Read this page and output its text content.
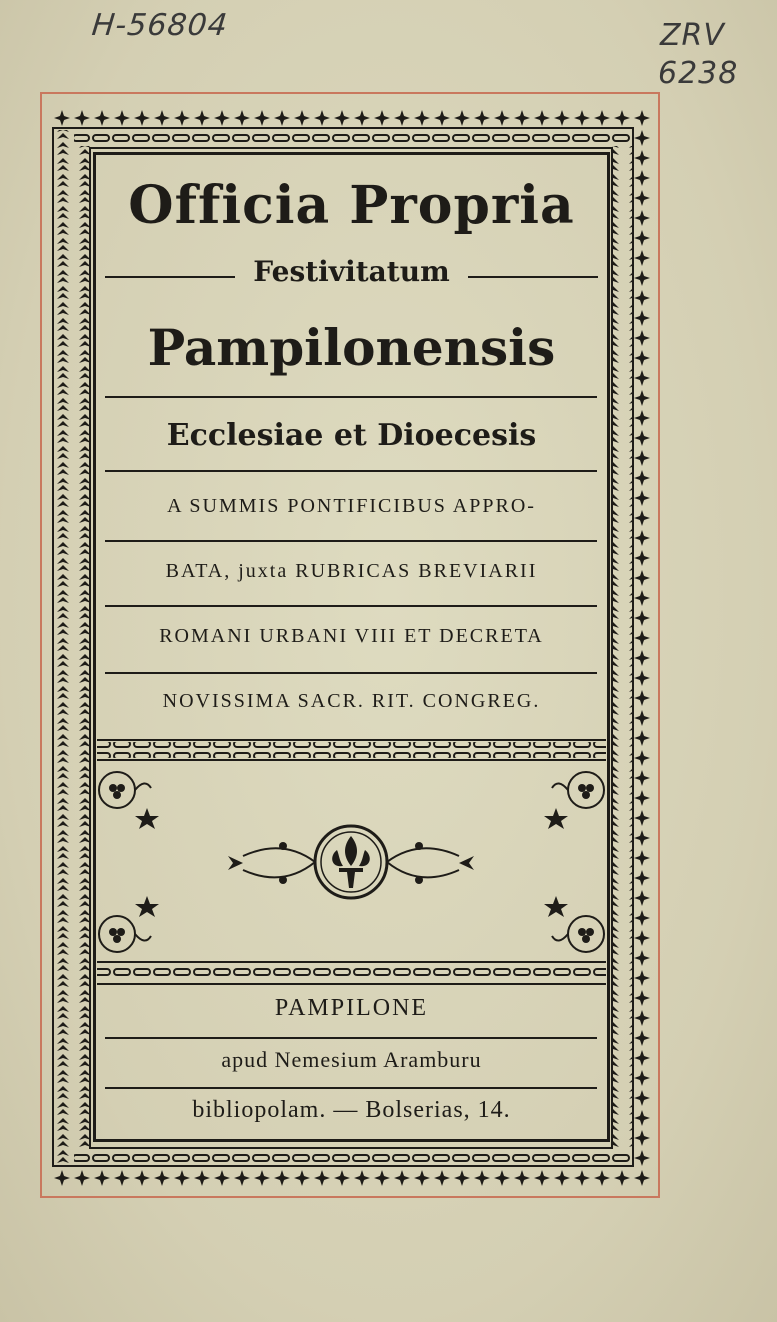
H-56804	ZRV
6238
Officia Propria
Festivitatum
Pampilonensis
Ecclesiae et Dioecesis
A SUMMIS PONTIFICIBUS APPRO-
BATA, juxta RUBRICAS BREVIARII
ROMANI URBANI VIII ET DECRETA
NOVISSIMA SACR. RIT. CONGREG.
PAMPILONE
apud Nemesium Aramburu
bibliopolam. — Bolserias, 14.
